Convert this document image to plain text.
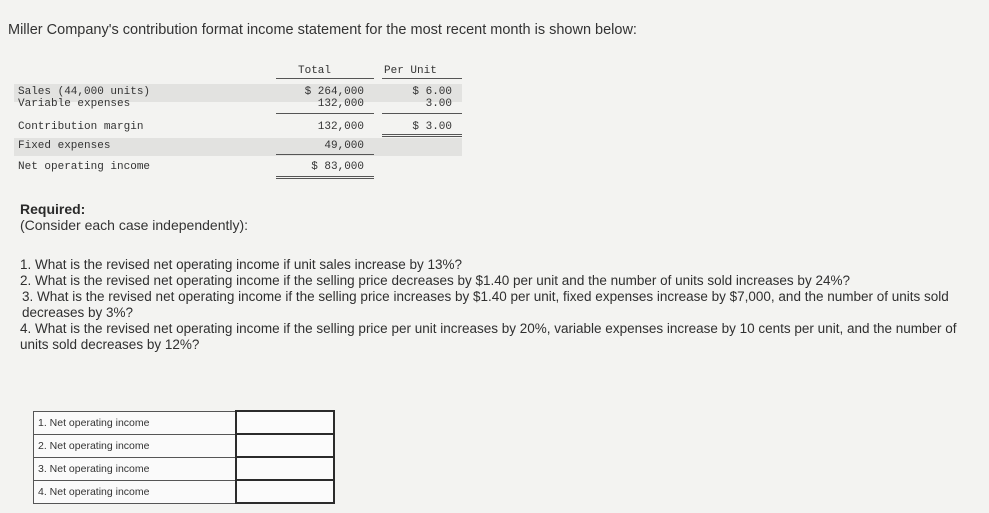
Miller Company's contribution format income statement for the most recent month is shown below:
Total	Per Unit
Sales (44,000 units)	$ 264,000	$ 6.00
Variable expenses	132,000	3.00
Contribution margin	132,000	$ 3.00
Fixed expenses	49,000
Net operating income	$ 83,000
Required:
(Consider each case independently):
1. What is the revised net operating income if unit sales increase by 13%?
2. What is the revised net operating income if the selling price decreases by $1.40 per unit and the number of units sold increases by 24%?
3. What is the revised net operating income if the selling price increases by $1.40 per unit, fixed expenses increase by $7,000, and the number of units sold decreases by 3%?
4. What is the revised net operating income if the selling price per unit increases by 20%, variable expenses increase by 10 cents per unit, and the number of units sold decreases by 12%?
1. Net operating income	
2. Net operating income	
3. Net operating income	
4. Net operating income	
